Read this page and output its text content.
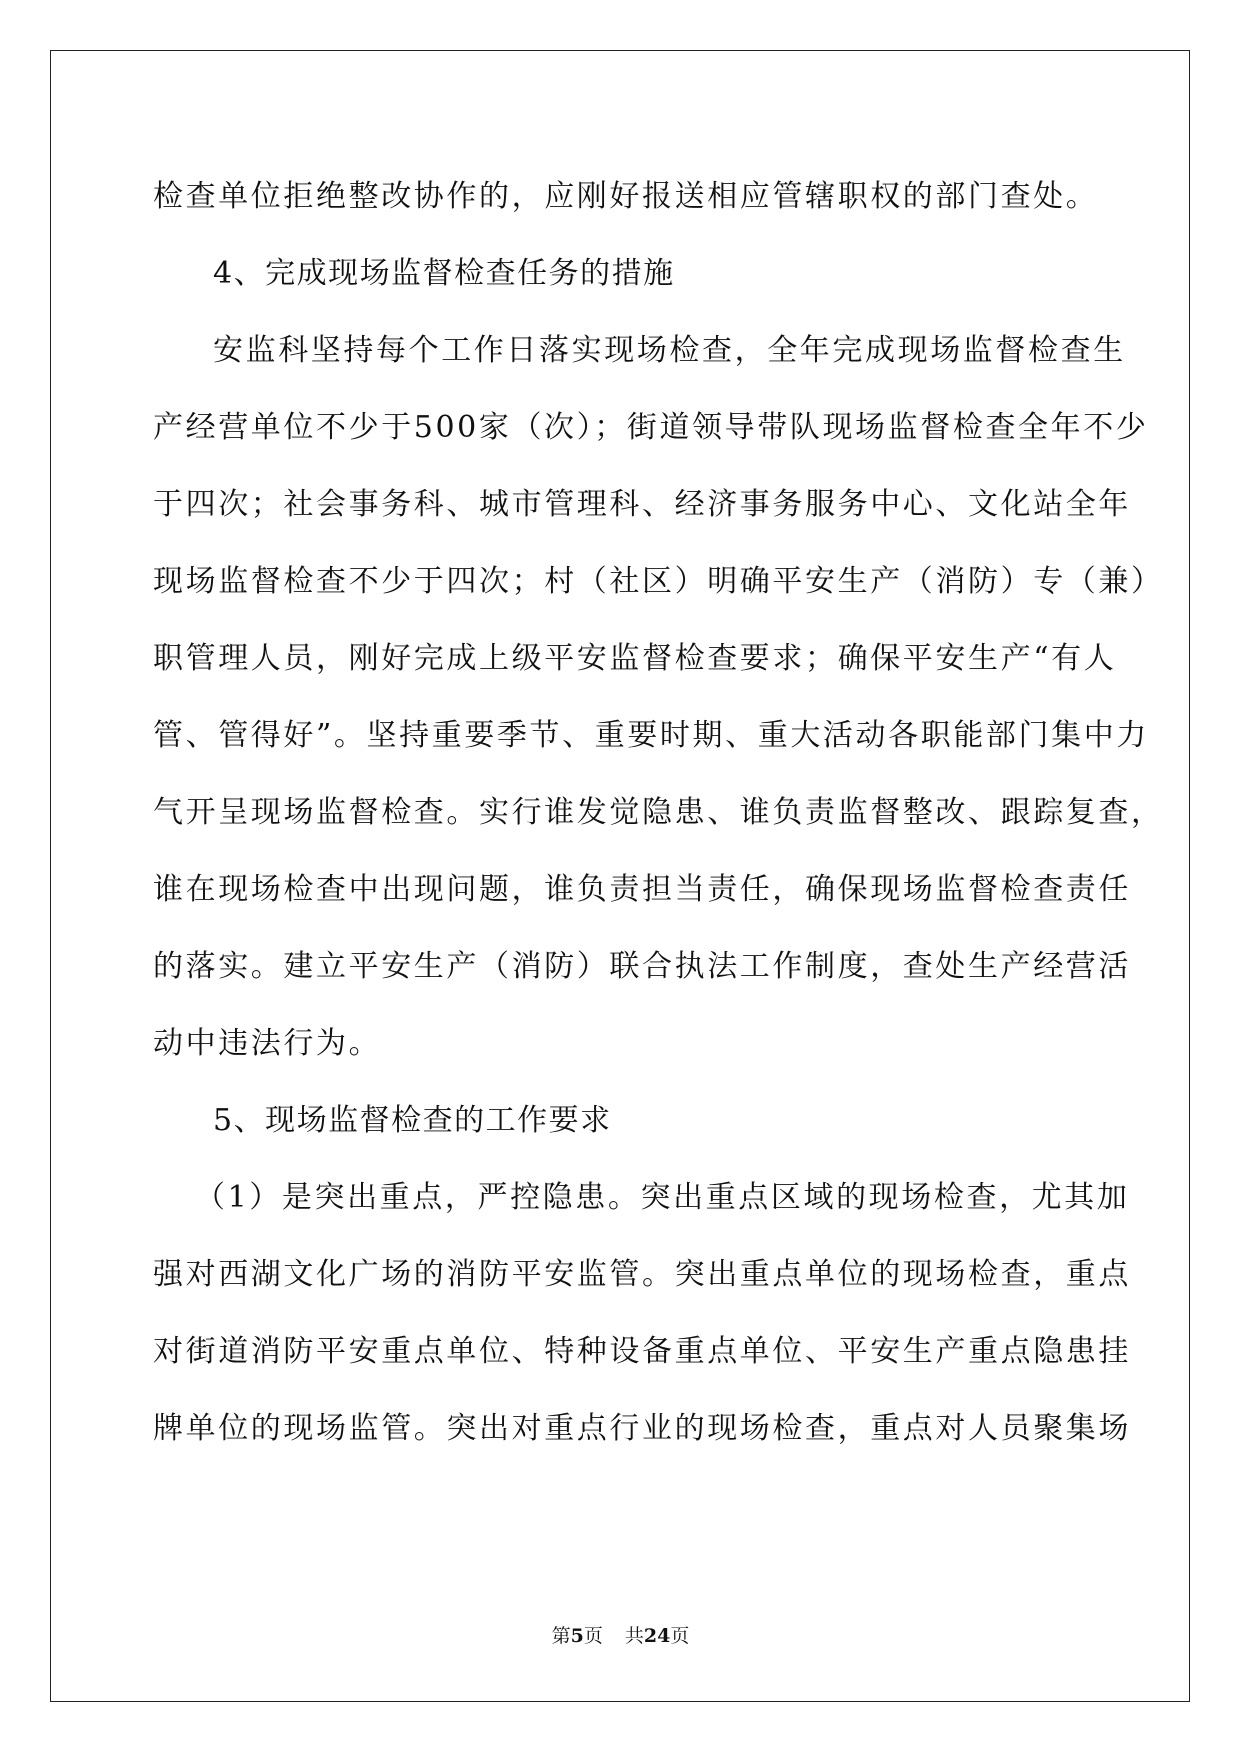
检查单位拒绝整改协作的，应刚好报送相应管辖职权的部门查处。
4、完成现场监督检查任务的措施
安监科坚持每个工作日落实现场检查，全年完成现场监督检查生
产经营单位不少于500家（次）；街道领导带队现场监督检查全年不少
于四次；社会事务科、城市管理科、经济事务服务中心、文化站全年
现场监督检查不少于四次；村（社区）明确平安生产（消防）专（兼）
职管理人员，刚好完成上级平安监督检查要求；确保平安生产“有人
管、管得好”。坚持重要季节、重要时期、重大活动各职能部门集中力
气开呈现场监督检查。实行谁发觉隐患、谁负责监督整改、跟踪复查，
谁在现场检查中出现问题，谁负责担当责任，确保现场监督检查责任
的落实。建立平安生产（消防）联合执法工作制度，查处生产经营活
动中违法行为。
5、现场监督检查的工作要求
（1）是突出重点，严控隐患。突出重点区域的现场检查，尤其加
强对西湖文化广场的消防平安监管。突出重点单位的现场检查，重点
对街道消防平安重点单位、特种设备重点单位、平安生产重点隐患挂
牌单位的现场监管。突出对重点行业的现场检查，重点对人员聚集场
第5页 共24页
